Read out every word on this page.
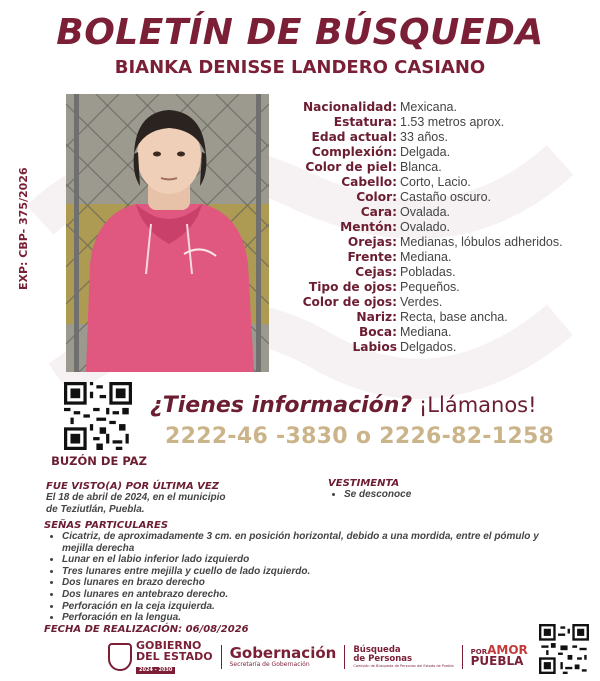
BOLETÍN DE BÚSQUEDA
BIANKA DENISSE LANDERO CASIANO
EXP: CBP- 375/2026
Nacionalidad: Mexicana.
Estatura: 1.53 metros aprox.
Edad actual: 33 años.
Complexión: Delgada.
Color de piel: Blanca.
Cabello: Corto, Lacio.
Color: Castaño oscuro.
Cara: Ovalada.
Mentón: Ovalado.
Orejas: Medianas, lóbulos adheridos.
Frente: Mediana.
Cejas: Pobladas.
Tipo de ojos: Pequeños.
Color de ojos: Verdes.
Nariz: Recta, base ancha.
Boca: Mediana.
Labios Delgados.
BUZÓN DE PAZ
¿Tienes información? ¡Llámanos!
2222-46 -3830 o 2226-82-1258
FUE VISTO(A) POR ÚLTIMA VEZ
El 18 de abril de 2024, en el municipio
de Teziutlán, Puebla.
VESTIMENTA
• Se desconoce
SEÑAS PARTICULARES
• Cicatriz, de aproximadamente 3 cm. en posición horizontal, debido a una mordida, entre el pómulo y mejilla derecha
• Lunar en el labio inferior lado izquierdo
• Tres lunares entre mejilla y cuello de lado izquierdo.
• Dos lunares en brazo derecho
• Dos lunares en antebrazo derecho.
• Perforación en la ceja izquierda.
• Perforación en la lengua.
FECHA DE REALIZACIÓN: 06/08/2026
GOBIERNO
DEL ESTADO
2024 - 2030
Gobernación
Secretaría de Gobernación
Búsqueda
de Personas
Comisión de Búsqueda de Personas del Estado de Puebla
PORAMOR
PUEBLA
